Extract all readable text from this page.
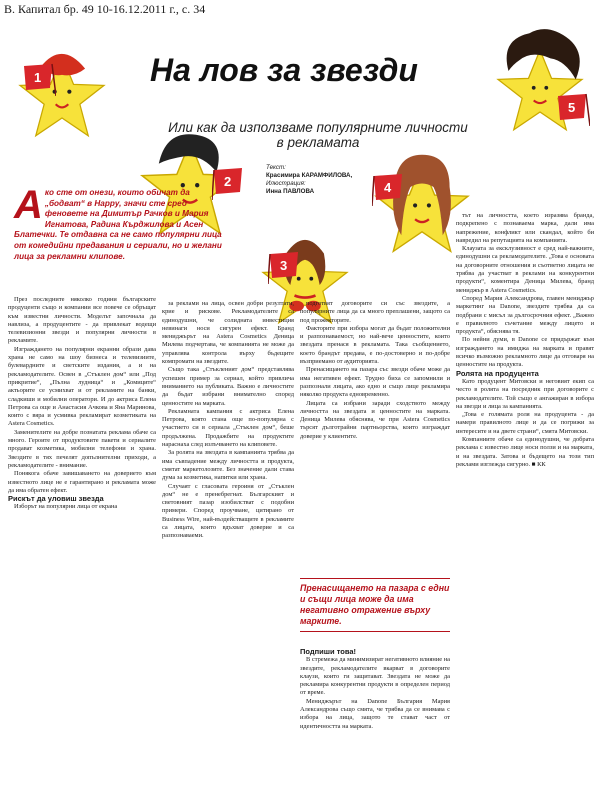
В. Капитал бр. 49 10-16.12.2011 г., с. 34
1
2
3
4
5
На лов за звезди
Или как да използваме популярните личности в рекламата
Текст:
Красимира КАРАМФИЛОВА,
Илюстрация:
Инна ПАВЛОВА
А ко сте от онези, които обичат да „бодват“ в Happy, значи сте сред феновете на Димитър Рачков и Мария Игнатова, Радина Кърджилова и Асен Блатечки. Те отдавна са не само популярни лица от комедийни предавания и сериали, но и желани лица за рекламни клипове.

През последните няколко години българските продуценти също и компании все повече се обръщат към известни личности. Моделът започнала да навлиза, а продуцентите - да привлекат водещи телевизионни звезди и популярни личности в рекламите.

Изграждането на популярни екранни образи дава храна не само на шоу бизнеса и телевизиите, булевардните и светските издания, а и на рекламодателите. Освен в „Стъклен дом“ или „Под прикритие“, „Пълна лудница“ и „Комиците“ актьорите се усмихват и от рекламите на банки, сладкиши и мобилни оператори. И до актриса Елена Петрова са още и Анастасия Ачкова и Яна Маринова, които с вяра и усмивка рекламират козметиката на Astera Cosmetics.

Заменителите на добре познатата реклама обаче са много. Героите от продуктовите пакети и сериалите продават козметика, мобилни телефони и храна. Звездите в тях печелят допълнителни приходи, а рекламодателите - внимание.

Понякога обаче завишаването на доверието към известното лице не е гарантирано и рекламата може да има обратен ефект.

Рискът да уловиш звезда

Изборът на популярни лица от екрана

за реклами на лица, освен добри резултати, крие и рискове. Рекламодателите са единодушни, че солидната инвестиция невинаги носи сигурен ефект. Бранд мениджърът на Astera Cosmetics Деница Милева подчертава, че компанията не може да управлява контрола върху бъдещите компромати на звездите.

Също така „Стъкленият дом“ представлява успешен пример за сериал, който привлича вниманието на публиката. Важно е личностите да бъдат избрани внимателно според ценностите на марката.

Рекламната кампания с актриса Елена Петрова, която стана още по-популярна с участието си в сериала „Стъклен дом“, беше продължена. Продажбите на продуктите нараснаха след излъчването на клиповете.

За ролята на звездата в кампанията трябва да има съвпадение между личността и продукта, смятат маркетолозите. Без значение дали става дума за козметика, напитки или храна.

Случаят с гласовата героиня от „Стъклен дом“ не е пренебрегнат. Българският и световният пазар изобилстват с подобни примери. Според проучване, цитирано от Business Wire, най-въздействащите в рекламите са лицата, които вдъхват доверие и са разпознаваеми.

подготвят договорите си със звездите, а популярните лица да са много преплашени, защото са под прожекторите.

Факторите при избора могат да бъдат положителни и разпознаваемост, но най-вече ценностите, които звездата пренася в рекламата. Така съобщението, което брандът предава, е по-достоверно и по-добре възприемано от аудиторията.

Пренасищането на пазара със звезди обаче може да има негативен ефект. Трудно биха се запомнили и разпознали лицата, ако едно и също лице рекламира няколко продукта едновременно.

Лицата са избрани заради сходството между личността на звездата и ценностите на марката. Деница Милева обяснява, че при Astera Cosmetics търсят дълготрайни партньорства, които изграждат доверие у клиентите.

Пренасищането на пазара с едни и същи лица може да има негативно отражение върху марките.

Подпиши това!

В стремежа да минимизират негативното влияние на звездите, рекламодателите вкарват в договорите клаузи, които ги защитават. Звездата не може да рекламира конкурентни продукти в определен период от време.

Мениджърът на Danone България Мария Александрова също смята, че трябва да се внимава с избора на лица, защото те стават част от идентичността на марката.

тът на личността, което изразява бранда, подкрепено с познаваема марка, дали има напрежение, конфликт или скандал, който би навредил на репутацията на компанията.

Клаузата за ексклузивност е сред най-важните, единодушни са рекламодателите. „Това е основата на договорните отношения и съответно лицата не трябва да участват в реклами на конкурентни продукти“, коментира Деница Милева, бранд мениджър в Astera Cosmetics.

Според Мария Александрова, главен мениджър маркетинг на Danone, звездите трябва да са подбрани с мисъл за дългосрочния ефект. „Важно е правилното съчетание между лицето и продукта“, обяснява тя.

По нейни думи, в Danone се придържат към изграждането на имиджа на марката и правят всичко възможно рекламното лице да отговаря на ценностите на продукта.

Ролята на продуцента

Като продуцент Митовски и неговият екип са често в ролята на посредник при договорите с рекламодателите. Той също е ангажиран в избора на звезди и лица за кампанията.

„Това е голямата роля на продуцента - да намери правилното лице и да се погрижи за интересите и на двете страни“, смята Митовски.

Компаниите обаче са единодушни, че добрата реклама с известно лице носи ползи и на марката, и на звездата. Затова и бъдещето на този тип реклами изглежда сигурно. ■ КК
